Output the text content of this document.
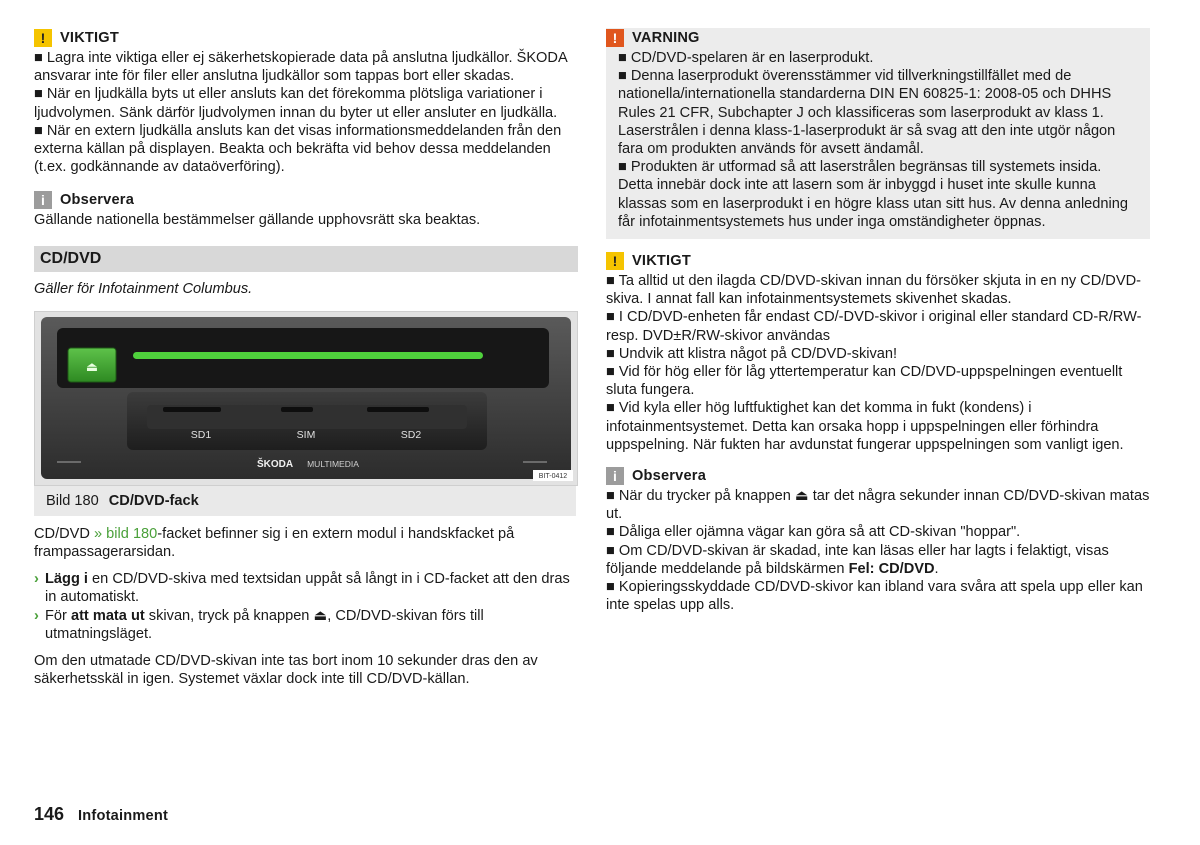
!	VIKTIGT

■ Lagra inte viktiga eller ej säkerhetskopierade data på anslutna ljudkällor. ŠKODA ansvarar inte för filer eller anslutna ljudkällor som tappas bort eller skadas.

■ När en ljudkälla byts ut eller ansluts kan det förekomma plötsliga variationer i ljudvolymen. Sänk därför ljudvolymen innan du byter ut eller ansluter en ljudkälla.

■ När en extern ljudkälla ansluts kan det visas informationsmeddelanden från den externa källan på displayen. Beakta och bekräfta vid behov dessa meddelanden (t.ex. godkännande av dataöverföring).

i	Observera

Gällande nationella bestämmelser gällande upphovsrätt ska beaktas.

CD/DVD

Gäller för Infotainment Columbus.

⏏
SD1	SIM	SD2
ŠKODA MULTIMEDIA
BIT-0412
Bild 180 CD/DVD-fack

CD/DVD » bild 180-facket befinner sig i en extern modul i handskfacket på frampassagerarsidan.

› Lägg i en CD/DVD-skiva med textsidan uppåt så långt in i CD-facket att den dras in automatiskt.
› För att mata ut skivan, tryck på knappen ⏏, CD/DVD-skivan förs till utmatningsläget.

Om den utmatade CD/DVD-skivan inte tas bort inom 10 sekunder dras den av säkerhetsskäl in igen. Systemet växlar dock inte till CD/DVD-källan.

!	VARNING

■ CD/DVD-spelaren är en laserprodukt.

■ Denna laserprodukt överensstämmer vid tillverkningstillfället med de nationella/internationella standarderna DIN EN 60825-1: 2008-05 och DHHS Rules 21 CFR, Subchapter J och klassificeras som laserprodukt av klass 1. Laserstrålen i denna klass-1-laserprodukt är så svag att den inte utgör någon fara om produkten används för avsett ändamål.

■ Produkten är utformad så att laserstrålen begränsas till systemets insida. Detta innebär dock inte att lasern som är inbyggd i huset inte skulle kunna klassas som en laserprodukt i en högre klass utan sitt hus. Av denna anledning får infotainmentsystemets hus under inga omständigheter öppnas.

!	VIKTIGT

■ Ta alltid ut den ilagda CD/DVD-skivan innan du försöker skjuta in en ny CD/DVD-skiva. I annat fall kan infotainmentsystemets skivenhet skadas.

■ I CD/DVD-enheten får endast CD/-DVD-skivor i original eller standard CD-R/RW- resp. DVD±R/RW-skivor användas

■ Undvik att klistra något på CD/DVD-skivan!

■ Vid för hög eller för låg yttertemperatur kan CD/DVD-uppspelningen eventuellt sluta fungera.

■ Vid kyla eller hög luftfuktighet kan det komma in fukt (kondens) i infotainmentsystemet. Detta kan orsaka hopp i uppspelningen eller förhindra uppspelning. När fukten har avdunstat fungerar uppspelningen som vanligt igen.

i	Observera

■ När du trycker på knappen ⏏ tar det några sekunder innan CD/DVD-skivan matas ut.

■ Dåliga eller ojämna vägar kan göra så att CD-skivan "hoppar".

■ Om CD/DVD-skivan är skadad, inte kan läsas eller har lagts i felaktigt, visas följande meddelande på bildskärmen Fel: CD/DVD.

■ Kopieringsskyddade CD/DVD-skivor kan ibland vara svåra att spela upp eller kan inte spelas upp alls.

146 Infotainment
